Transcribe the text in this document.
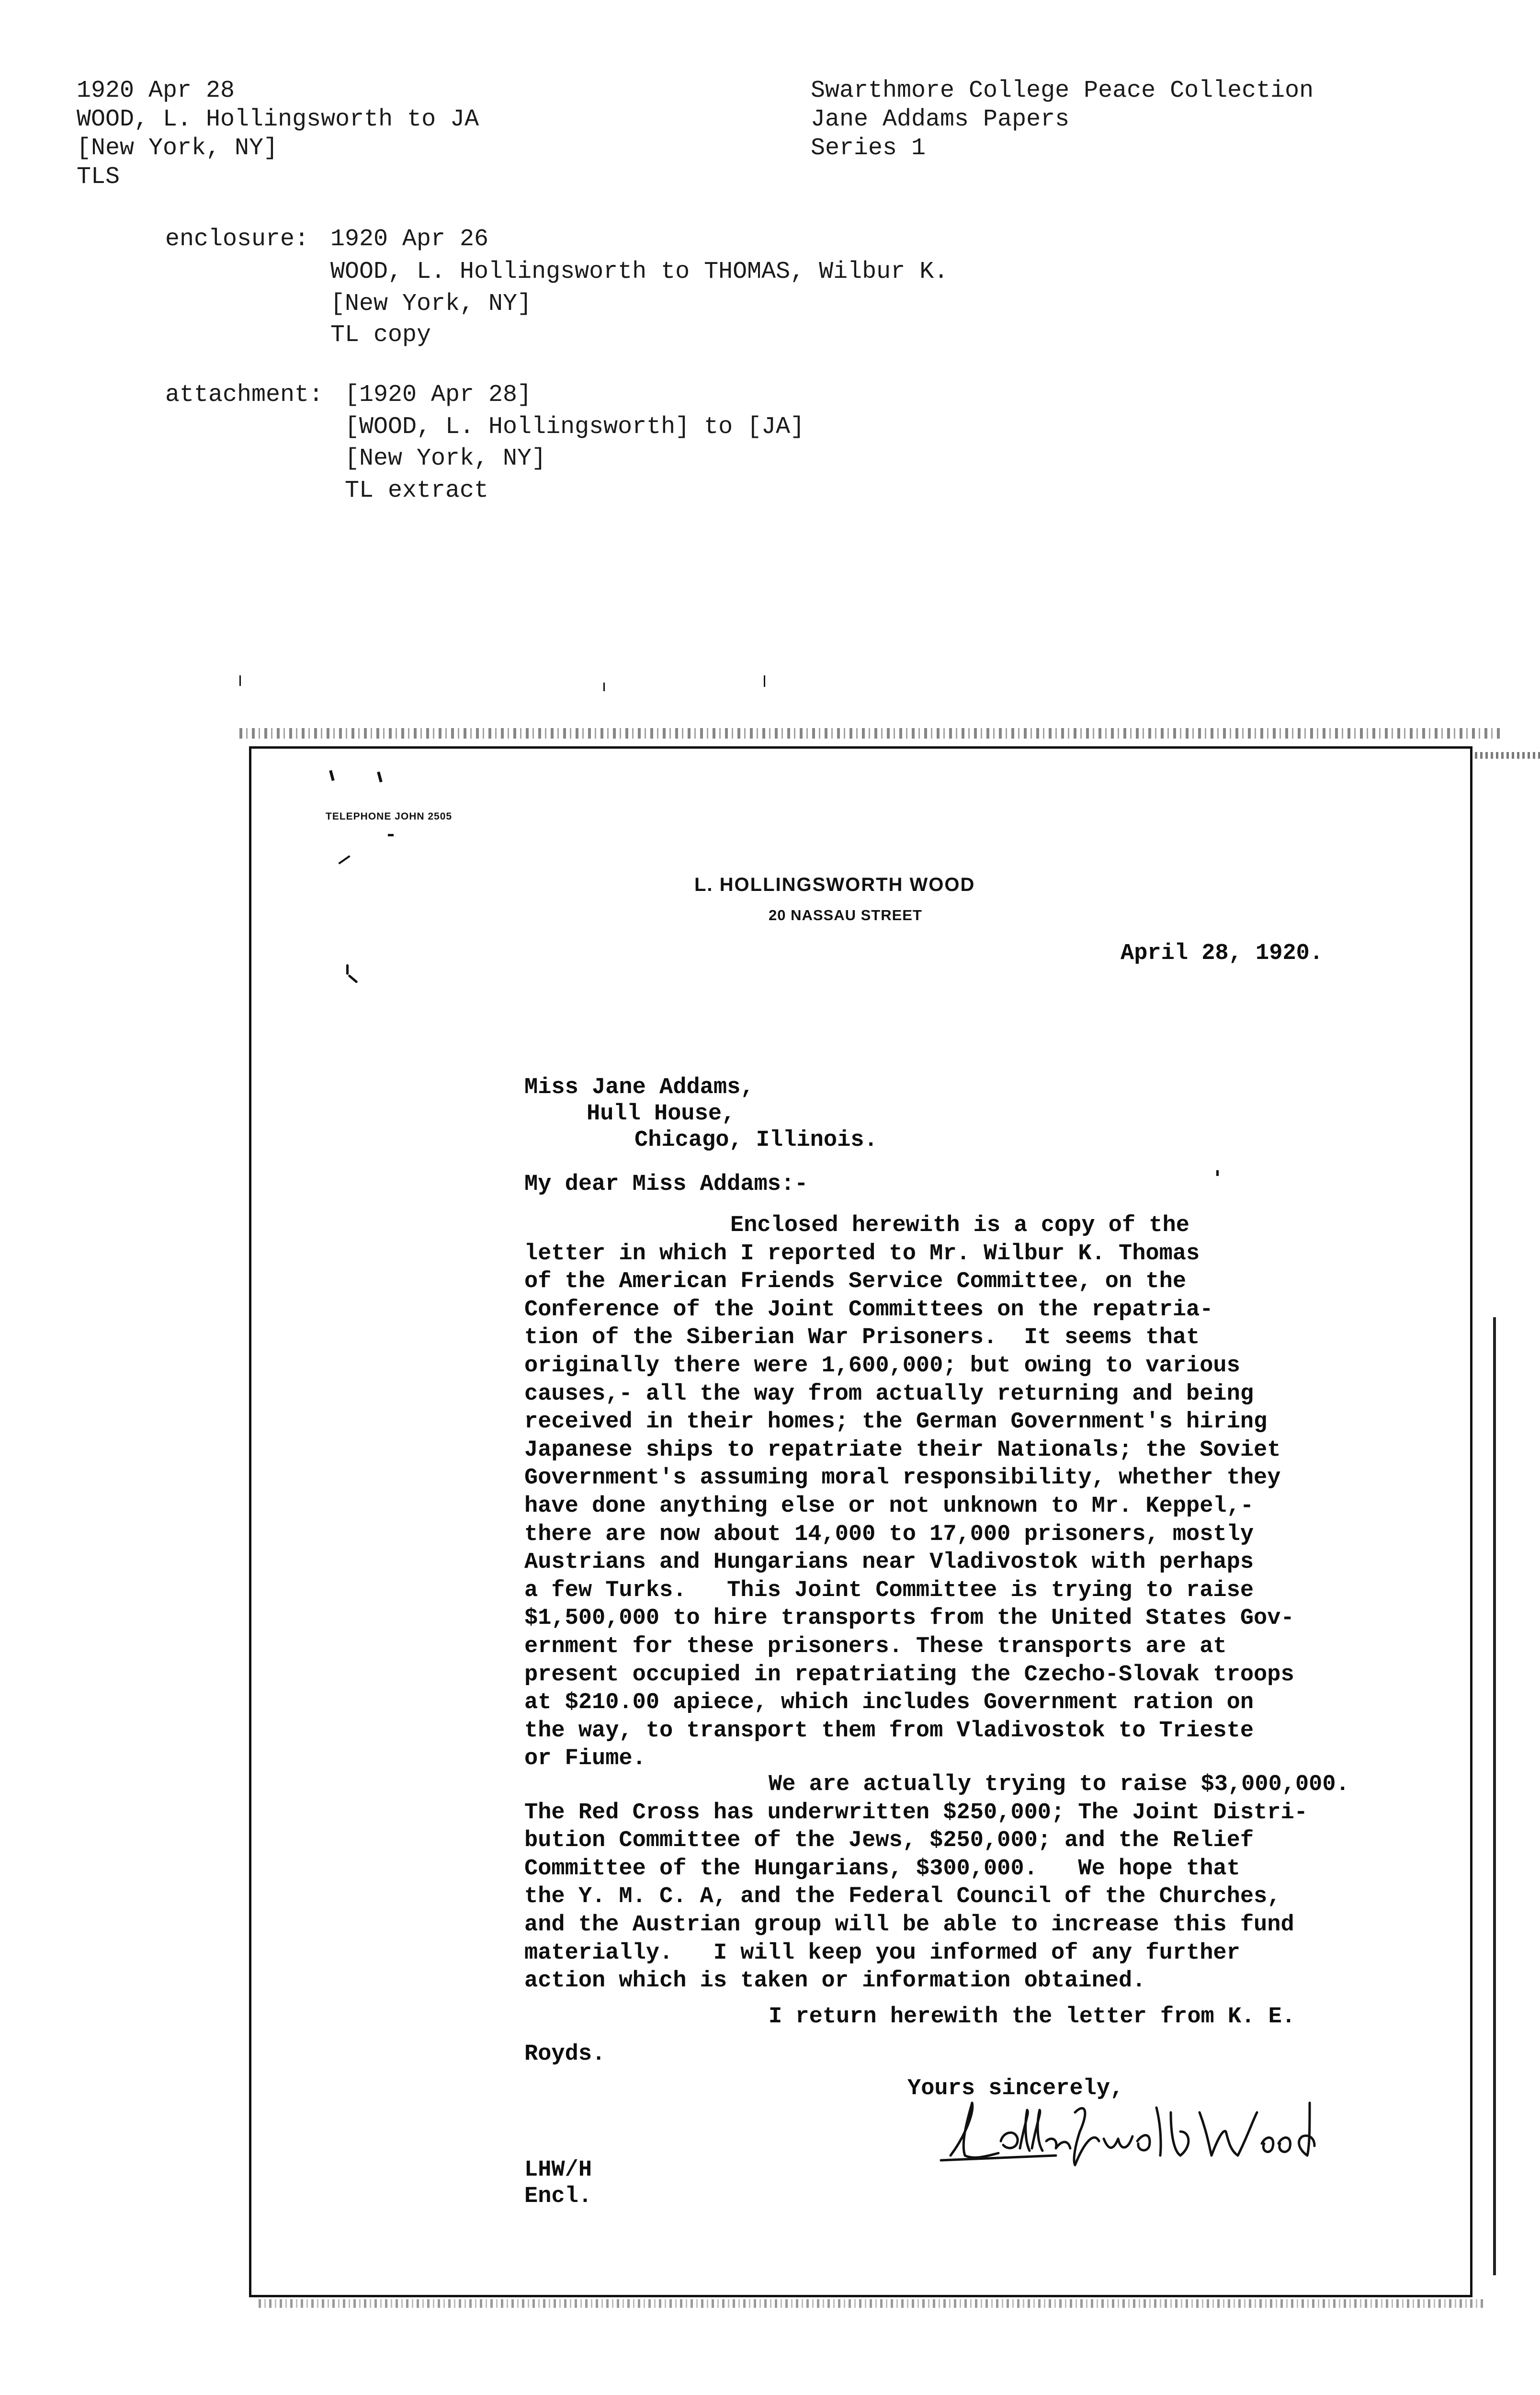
1920 Apr 28
WOOD, L. Hollingsworth to JA
[New York, NY]
TLS
Swarthmore College Peace Collection
Jane Addams Papers
Series 1
enclosure: 1920 Apr 26
WOOD, L. Hollingsworth to THOMAS, Wilbur K.
[New York, NY]
TL copy
attachment: [1920 Apr 28]
[WOOD, L. Hollingsworth] to [JA]
[New York, NY]
TL extract
TELEPHONE JOHN 2505
L. HOLLINGSWORTH WOOD
20 NASSAU STREET
April 28, 1920.
Miss Jane Addams,
Hull House,
Chicago, Illinois.
My dear Miss Addams:-
Enclosed herewith is a copy of the
letter in which I reported to Mr. Wilbur K. Thomas
of the American Friends Service Committee, on the
Conference of the Joint Committees on the repatria-
tion of the Siberian War Prisoners.  It seems that
originally there were 1,600,000; but owing to various
causes,- all the way from actually returning and being
received in their homes; the German Government's hiring
Japanese ships to repatriate their Nationals; the Soviet
Government's assuming moral responsibility, whether they
have done anything else or not unknown to Mr. Keppel,-
there are now about 14,000 to 17,000 prisoners, mostly
Austrians and Hungarians near Vladivostok with perhaps
a few Turks.   This Joint Committee is trying to raise
$1,500,000 to hire transports from the United States Gov-
ernment for these prisoners. These transports are at
present occupied in repatriating the Czecho-Slovak troops
at $210.00 apiece, which includes Government ration on
the way, to transport them from Vladivostok to Trieste
or Fiume.
We are actually trying to raise $3,000,000.
The Red Cross has underwritten $250,000; The Joint Distri-
bution Committee of the Jews, $250,000; and the Relief
Committee of the Hungarians, $300,000.   We hope that
the Y. M. C. A, and the Federal Council of the Churches,
and the Austrian group will be able to increase this fund
materially.   I will keep you informed of any further
action which is taken or information obtained.
I return herewith the letter from K. E.
Royds.
Yours sincerely,
LHW/H
Encl.
